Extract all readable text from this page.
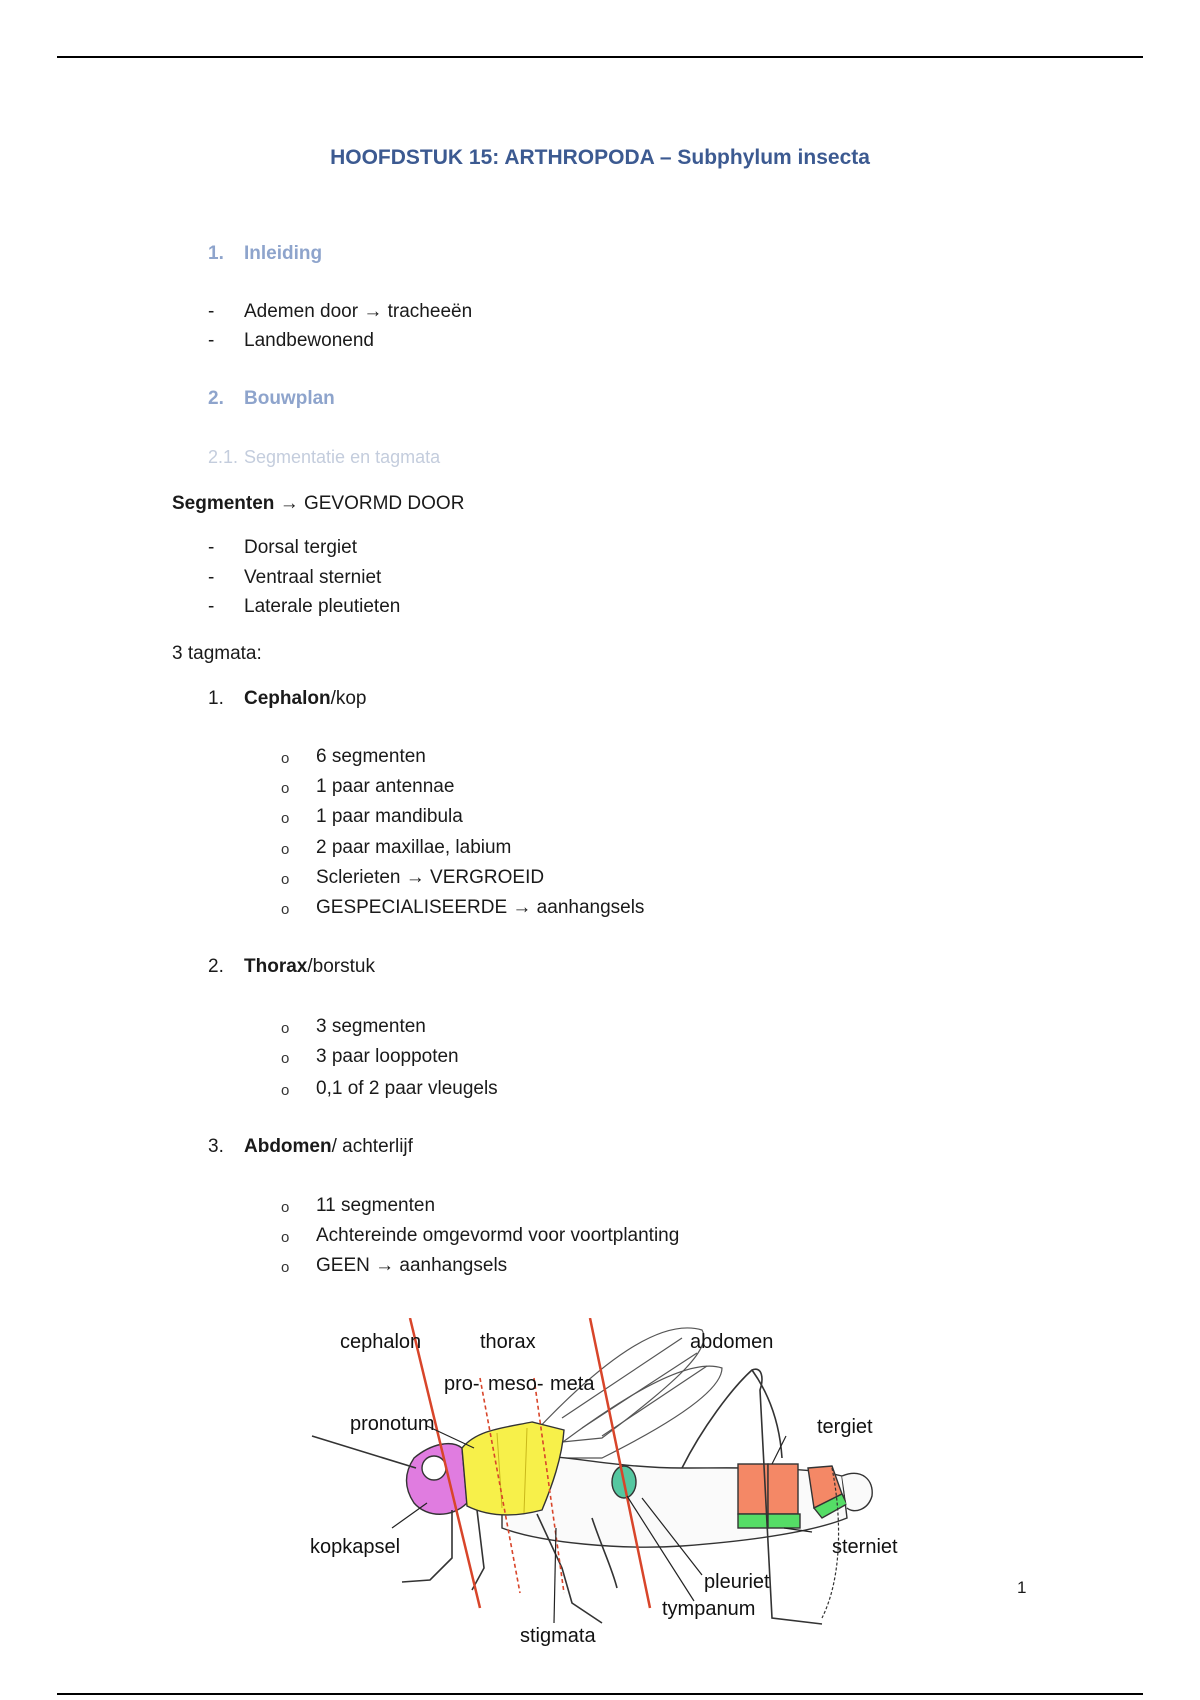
HOOFDSTUK 15: ARTHROPODA – Subphylum insecta
1. Inleiding
- Ademen door → tracheeën
- Landbewonend
2. Bouwplan
2.1. Segmentatie en tagmata
Segmenten → GEVORMD DOOR
- Dorsal tergiet
- Ventraal sterniet
- Laterale pleutieten
3 tagmata:
1. Cephalon/kop
o 6 segmenten
o 1 paar antennae
o 1 paar mandibula
o 2 paar maxillae, labium
o Sclerieten → VERGROEID
o GESPECIALISEERDE → aanhangsels
2. Thorax/borstuk
o 3 segmenten
o 3 paar looppoten
o 0,1 of 2 paar vleugels
3. Abdomen/ achterlijf
o 11 segmenten
o Achtereinde omgevormd voor voortplanting
o GEEN → aanhangsels
cephalon	thorax	abdomen
pro- meso- meta
pronotum	tergiet
kopkapsel	sterniet
pleuriet
tympanum
stigmata
1
